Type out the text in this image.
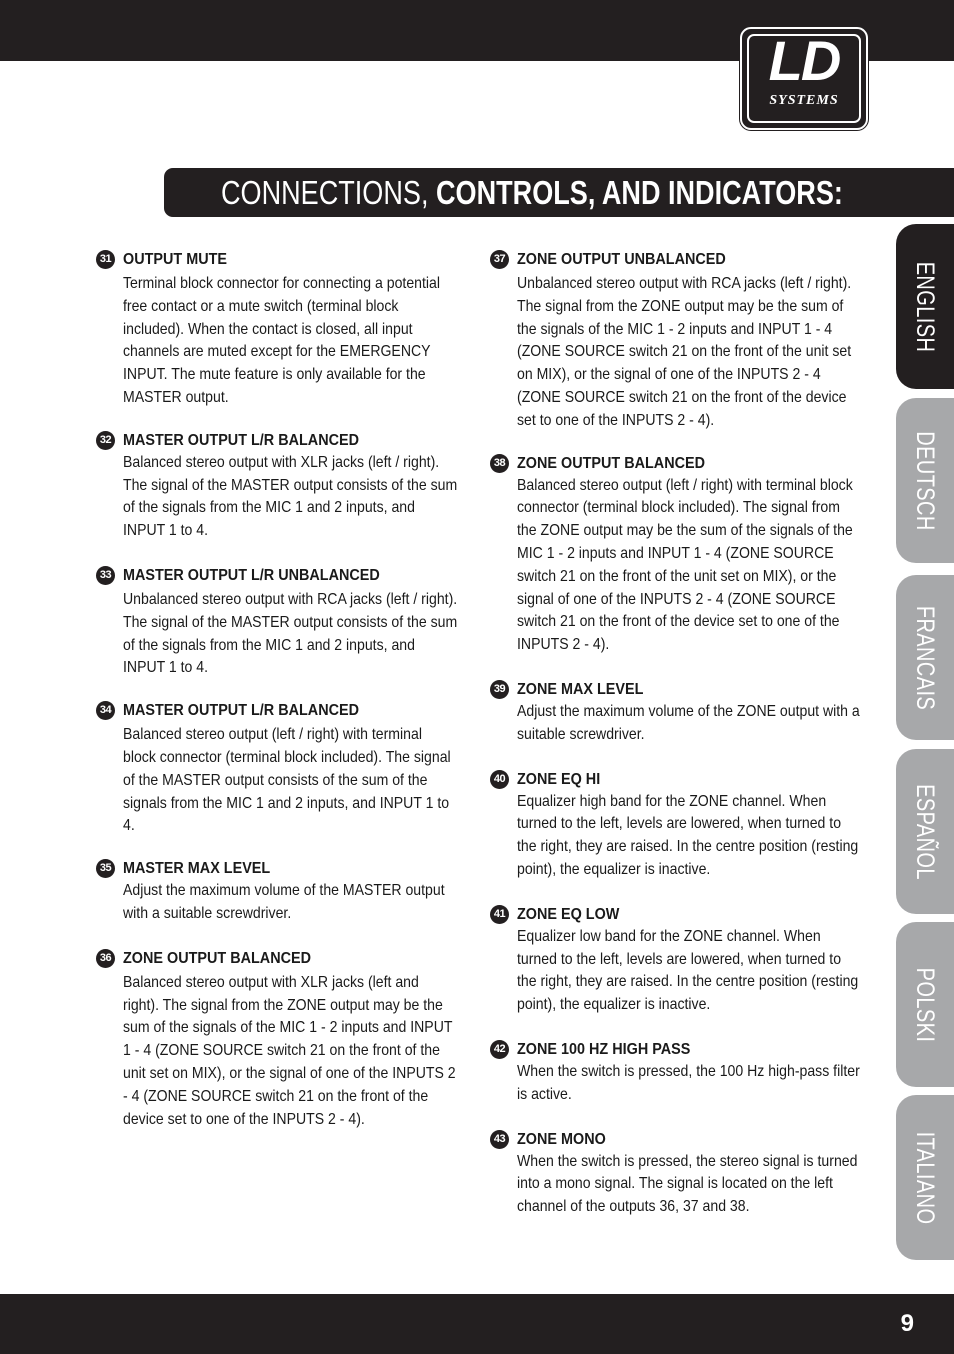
LD
SYSTEMS
CONNECTIONS, CONTROLS, AND INDICATORS:
31 OUTPUT MUTE
Terminal block connector for connecting a potential free contact or a mute switch (terminal block included). When the contact is closed, all input channels are muted except for the EMERGENCY INPUT. The mute feature is only available for the MASTER output.
32 MASTER OUTPUT L/R BALANCED
Balanced stereo output with XLR jacks (left / right). The signal of the MASTER output consists of the sum of the signals from the MIC 1 and 2 inputs, and INPUT 1 to 4.
33 MASTER OUTPUT L/R UNBALANCED
Unbalanced stereo output with RCA jacks (left / right). The signal of the MASTER output consists of the sum of the signals from the MIC 1 and 2 inputs, and INPUT 1 to 4.
34 MASTER OUTPUT L/R BALANCED
Balanced stereo output (left / right) with terminal block connector (terminal block included). The signal of the MASTER output consists of the sum of the signals from the MIC 1 and 2 inputs, and INPUT 1 to 4.
35 MASTER MAX LEVEL
Adjust the maximum volume of the MASTER output with a suitable screwdriver.
36 ZONE OUTPUT BALANCED
Balanced stereo output with XLR jacks (left and right). The signal from the ZONE output may be the sum of the signals of the MIC 1 - 2 inputs and INPUT 1 - 4 (ZONE SOURCE switch 21 on the front of the unit set on MIX), or the signal of one of the INPUTS 2 - 4 (ZONE SOURCE switch 21 on the front of the device set to one of the INPUTS 2 - 4).
37 ZONE OUTPUT UNBALANCED
Unbalanced stereo output with RCA jacks (left / right). The signal from the ZONE output may be the sum of the signals of the MIC 1 - 2 inputs and INPUT 1 - 4 (ZONE SOURCE switch 21 on the front of the unit set on MIX), or the signal of one of the INPUTS 2 - 4 (ZONE SOURCE switch 21 on the front of the device set to one of the INPUTS 2 - 4).
38 ZONE OUTPUT BALANCED
Balanced stereo output (left / right) with terminal block connector (terminal block included). The signal from the ZONE output may be the sum of the signals of the MIC 1 - 2 inputs and INPUT 1 - 4 (ZONE SOURCE switch 21 on the front of the unit set on MIX), or the signal of one of the INPUTS 2 - 4 (ZONE SOURCE switch 21 on the front of the device set to one of the INPUTS 2 - 4).
39 ZONE MAX LEVEL
Adjust the maximum volume of the ZONE output with a suitable screwdriver.
40 ZONE EQ HI
Equalizer high band for the ZONE channel. When turned to the left, levels are lowered, when turned to the right, they are raised. In the centre position (resting point), the equalizer is inactive.
41 ZONE EQ LOW
Equalizer low band for the ZONE channel. When turned to the left, levels are lowered, when turned to the right, they are raised. In the centre position (resting point), the equalizer is inactive.
42 ZONE 100 HZ HIGH PASS
When the switch is pressed, the 100 Hz high-pass filter is active.
43 ZONE MONO
When the switch is pressed, the stereo signal is turned into a mono signal. The signal is located on the left channel of the outputs 36, 37 and 38.
ENGLISH
DEUTSCH
FRANCAIS
ESPAÑOL
POLSKI
ITALIANO
9
